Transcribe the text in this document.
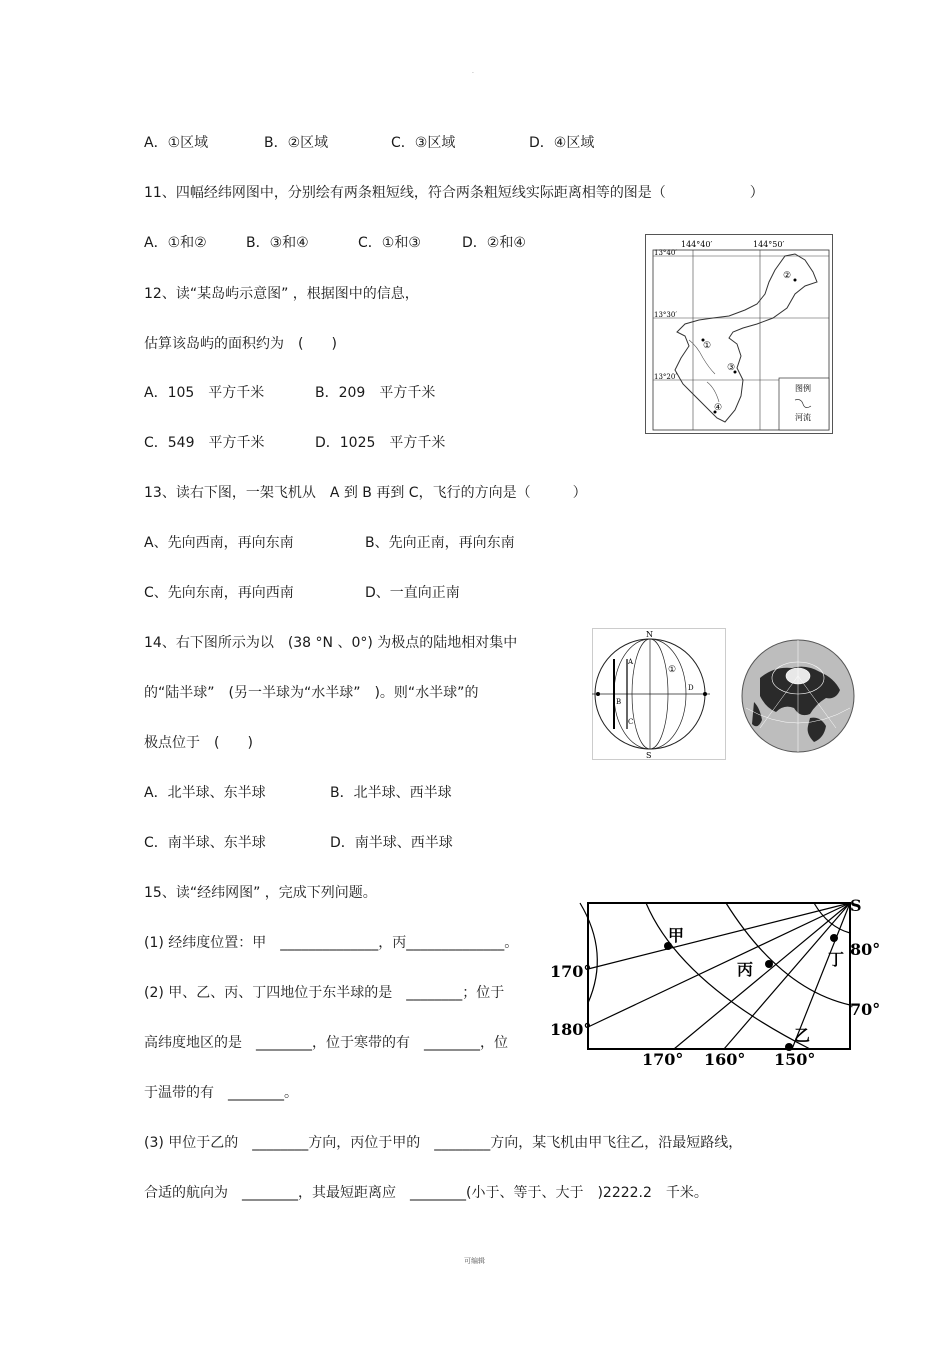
·
A．①区域	B．②区域	C．③区域	D．④区域
11、四幅经纬网图中，分别绘有两条粗短线，符合两条粗短线实际距离相等的图是（　　　　　　）
A．①和②	B．③和④	C．①和③	D．②和④
12、读“某岛屿示意图” ，根据图中的信息，
估算该岛屿的面积约为　(　　)
A．105　平方千米	B．209　平方千米
C．549　平方千米	D．1025　平方千米
144°40′	144°50′
13°40′
13°30′
13°20′
①
②
③
④
图例
河流
13、读右下图，一架飞机从　A 到 B 再到 C，飞行的方向是（　　　）
A、先向西南，再向东南	B、先向正南，再向东南
C、先向东南，再向西南	D、一直向正南
14、右下图所示为以　(38 °N 、0°) 为极点的陆地相对集中
的“陆半球”　(另一半球为“水半球”　)。则“水半球”的
极点位于　(　　)
A．北半球、东半球	B．北半球、西半球
C．南半球、东半球	D．南半球、西半球
N
S
A
B
C
D
①
15、读“经纬网图” ，完成下列问题。
(1) 经纬度位置：甲　______________，丙______________。
(2) 甲、乙、丙、丁四地位于东半球的是　________；位于
高纬度地区的是　________，位于寒带的有　________，位
于温带的有　________。
(3) 甲位于乙的　________方向，丙位于甲的　________方向，某飞机由甲飞往乙，沿最短路线，
合适的航向为　________，其最短距离应　________(小于、等于、大于　)2222.2　千米。
S
甲
乙
丙
丁
170° 160° 150°
170°
180°
80°
70°
可编辑
